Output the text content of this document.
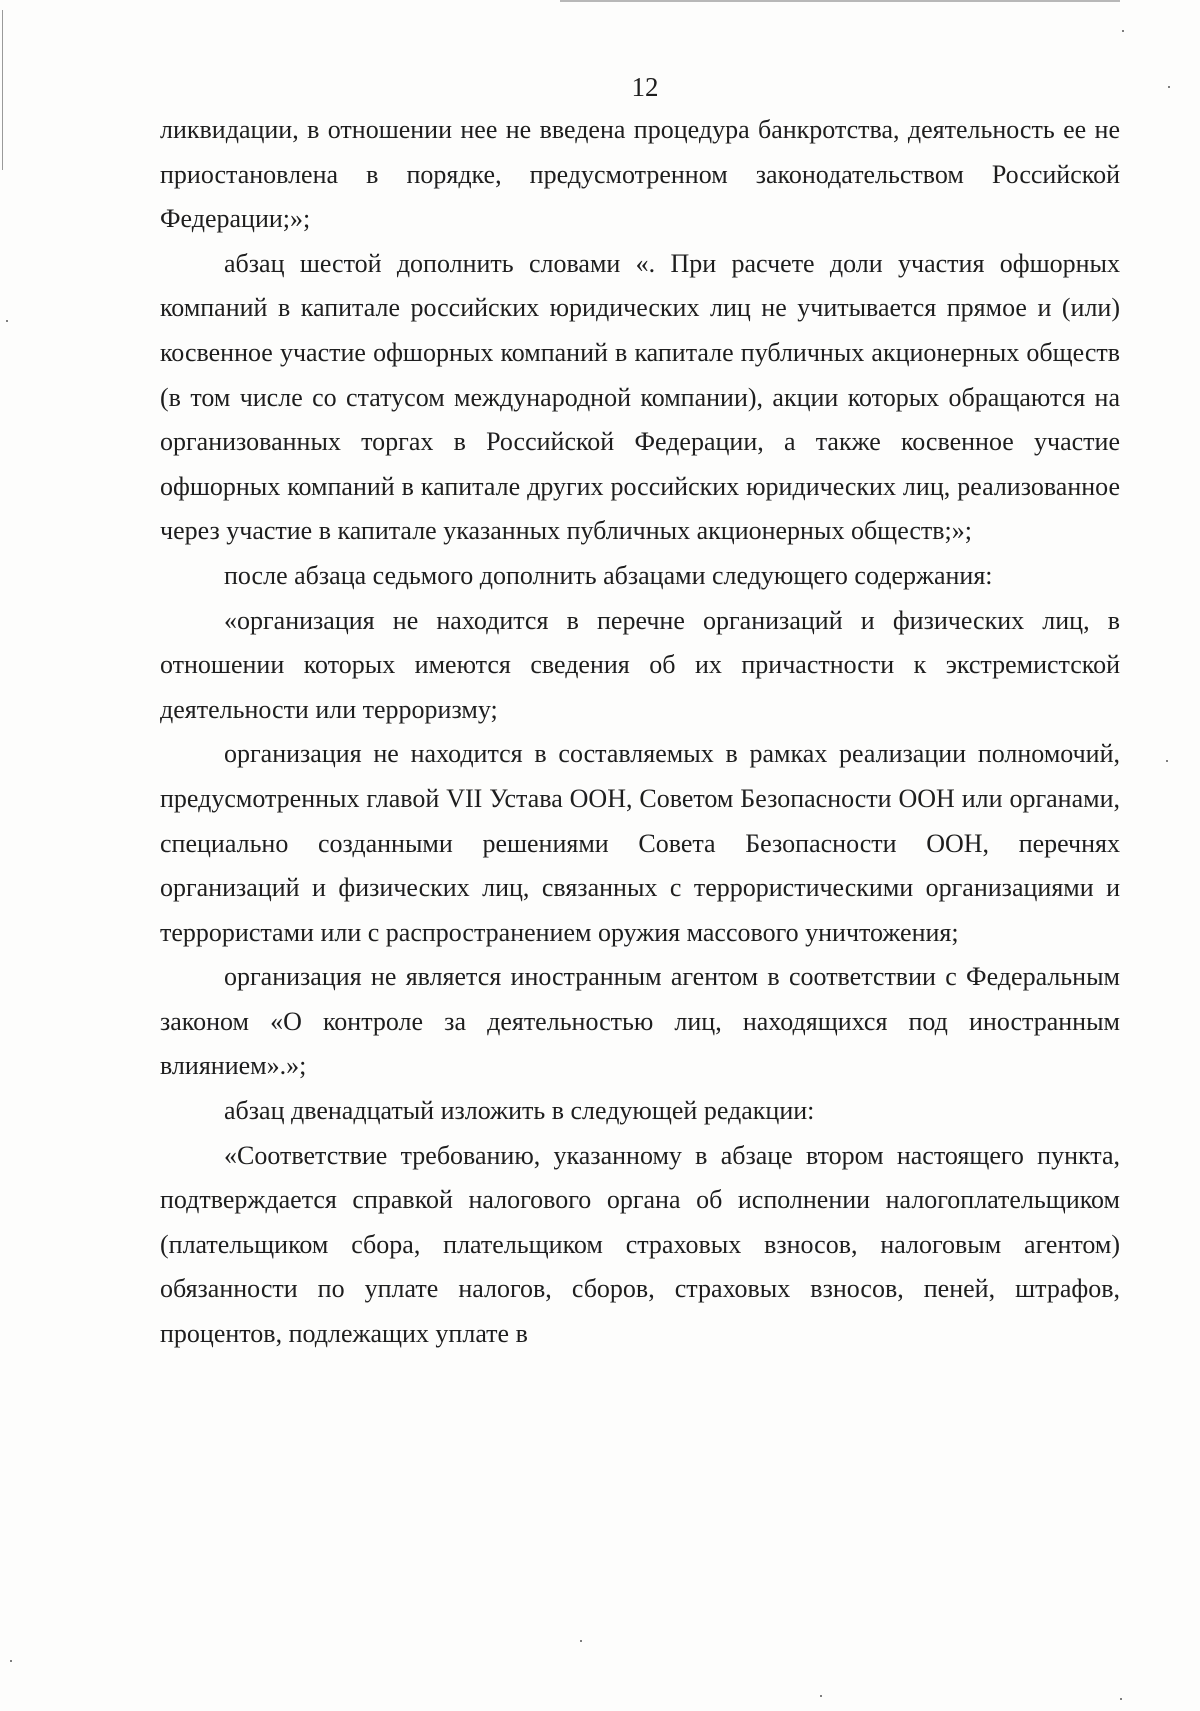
12

ликвидации, в отношении нее не введена процедура банкротства, деятельность ее не приостановлена в порядке, предусмотренном законодательством Российской Федерации;»;

абзац шестой дополнить словами «. При расчете доли участия офшорных компаний в капитале российских юридических лиц не учитывается прямое и (или) косвенное участие офшорных компаний в капитале публичных акционерных обществ (в том числе со статусом международной компании), акции которых обращаются на организованных торгах в Российской Федерации, а также косвенное участие офшорных компаний в капитале других российских юридических лиц, реализованное через участие в капитале указанных публичных акционерных обществ;»;

после абзаца седьмого дополнить абзацами следующего содержания:

«организация не находится в перечне организаций и физических лиц, в отношении которых имеются сведения об их причастности к экстремистской деятельности или терроризму;

организация не находится в составляемых в рамках реализации полномочий, предусмотренных главой VII Устава ООН, Советом Безопасности ООН или органами, специально созданными решениями Совета Безопасности ООН, перечнях организаций и физических лиц, связанных с террористическими организациями и террористами или с распространением оружия массового уничтожения;

организация не является иностранным агентом в соответствии с Федеральным законом «О контроле за деятельностью лиц, находящихся под иностранным влиянием».»;

абзац двенадцатый изложить в следующей редакции:

«Соответствие требованию, указанному в абзаце втором настоящего пункта, подтверждается справкой налогового органа об исполнении налогоплательщиком (плательщиком сбора, плательщиком страховых взносов, налоговым агентом) обязанности по уплате налогов, сборов, страховых взносов, пеней, штрафов, процентов, подлежащих уплате в
